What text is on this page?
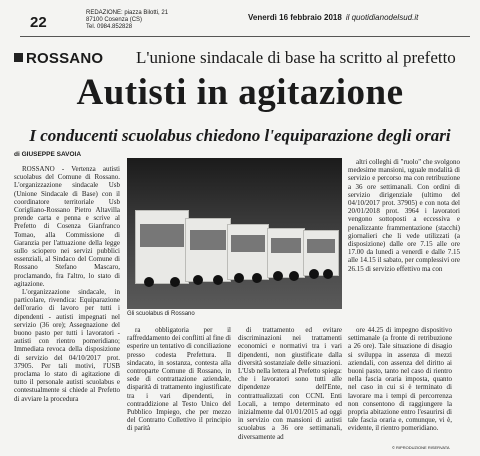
22
REDAZIONE: piazza Bilotti, 21
87100 Cosenza (CS)
Tel. 0984.852828
Venerdì 16 febbraio 2018 il quotidianodelsud.it
ROSSANO L'unione sindacale di base ha scritto al prefetto
Autisti in agitazione
I conducenti scuolabus chiedono l'equiparazione degli orari
di GIUSEPPE SAVOIA

ROSSANO - Vertenza autisti scuolabus del Comune di Rossano. L'organizzazione sindacale Usb (Unione Sindacale di Base) con il coordinatore territoriale Usb Corigliano-Rossano Pietro Altavilla prende carta e penna e scrive al Prefetto di Cosenza Gianfranco Tomao, alla Commissione di Garanzia per l'attuazione della legge sullo sciopero nei servizi pubblici essenziali, al Sindaco del Comune di Rossano Stefano Mascaro, proclamando, fra l'altro, lo stato di agitazione.

L'organizzazione sindacale, in particolare, rivendica: Equiparazione dell'orario di lavoro per tutti i dipendenti - autisti impegnati nel servizio (36 ore); Assegnazione del buono pasto per tutti i lavoratori - autisti con rientro pomeridiano; Immediata revoca della disposizione di servizio del 04/10/2017 prot. 37905. Per tali motivi, l'USB proclama lo stato di agitazione di tutto il personale autisti scuolabus e contestualmente si chiede al Prefetto di avviare la procedura

Gli scuolabus di Rossano

ra obbligatoria per il raffreddamento dei conflitti al fine di esperire un tentativo di conciliazione presso codesta Prefettura. Il sindacato, in sostanza, contesta alla controparte Comune di Rossano, in sede di contrattazione aziendale, disparità di trattamento ingiustificate tra i vari dipendenti, in contraddizione al Testo Unico del Pubblico Impiego, che per mezzo del Contratto Collettivo il principio di parità

di trattamento ed evitare discriminazioni nei trattamenti economici e normativi tra i vari dipendenti, non giustificate dalla diversità sostanziale delle situazioni. L'Usb nella lettera al Prefetto spiega: che i lavoratori sono tutti alle dipendenze dell'Ente, contrattualizzati con CCNL Enti Locali, a tempo determinato ed inizialmente dal 01/01/2015 ad oggi in servizio con mansioni di autisti scuolabus a 36 ore settimanali, diversamente ad

ore 44.25 di impegno dispositivo settimanale (a fronte di retribuzione a 26 ore). Tale situazione di disagio si sviluppa in assenza di mezzi aziendali, con assenza del diritto ai buoni pasto, tanto nel caso di rientro nella fascia oraria imposta, quanto nel caso in cui si è terminato di lavorare ma i tempi di percorrenza non consentono di raggiungere la propria abitazione entro l'esaurirsi di tale fascia oraria e, comunque, vi è, evidente, il rientro pomeridiano.

altri colleghi di "ruolo" che svolgono medesime mansioni, uguale modalità di servizio e percorso ma con retribuzione a 36 ore settimanali. Con ordini di servizio dirigenziale (ultimo del 04/10/2017 prot. 37905) e con nota del 20/01/2018 prot. 3964 i lavoratori vengono sottoposti a eccessiva e penalizzante frammentazione (stacchi) giornalieri che li vede utilizzati (a disposizione) dalle ore 7.15 alle ore 17.00 da lunedì a venerdì e dalle 7.15 alle 14.15 il sabato, per complessivi ore 26.15 di servizio effettivo ma con

© RIPRODUZIONE RISERVATA
